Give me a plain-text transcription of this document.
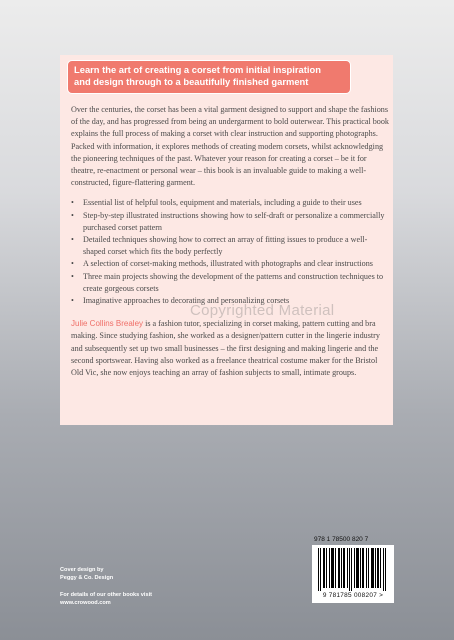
Learn the art of creating a corset from initial inspiration
and design through to a beautifully finished garment

Over the centuries, the corset has been a vital garment designed to support and shape the fashions of the day, and has progressed from being an undergarment to bold outerwear. This practical book explains the full process of making a corset with clear instruction and supporting photographs. Packed with information, it explores methods of creating modern corsets, whilst acknowledging the pioneering techniques of the past. Whatever your reason for creating a corset – be it for theatre, re-enactment or personal wear – this book is an invaluable guide to making a well-constructed, figure-flattering garment.

• Essential list of helpful tools, equipment and materials, including a guide to their uses
• Step-by-step illustrated instructions showing how to self-draft or personalize a commercially purchased corset pattern
• Detailed techniques showing how to correct an array of fitting issues to produce a well-shaped corset which fits the body perfectly
• A selection of corset-making methods, illustrated with photographs and clear instructions
• Three main projects showing the development of the patterns and construction techniques to create gorgeous corsets
• Imaginative approaches to decorating and personalizing corsets

Julie Collins Brealey is a fashion tutor, specializing in corset making, pattern cutting and bra making. Since studying fashion, she worked as a designer/pattern cutter in the lingerie industry and subsequently set up two small businesses – the first designing and making lingerie and the second sportswear. Having also worked as a freelance theatrical costume maker for the Bristol Old Vic, she now enjoys teaching an array of fashion subjects to small, intimate groups.

Copyrighted Material
Cover design by
Peggy & Co. Design
For details of our other books visit
www.crowood.com
978 1 78500 820 7
9 781785 008207 >
